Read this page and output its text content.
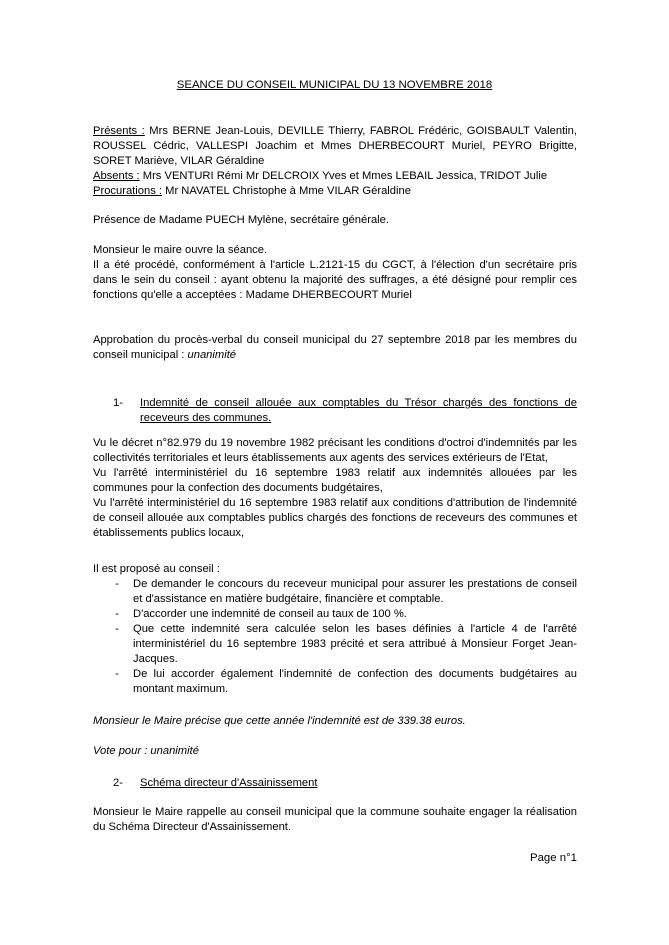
SEANCE DU CONSEIL MUNICIPAL DU 13 NOVEMBRE 2018
Présents : Mrs BERNE Jean-Louis, DEVILLE Thierry, FABROL Frédéric, GOISBAULT Valentin, ROUSSEL Cédric, VALLESPI Joachim et Mmes DHERBECOURT Muriel, PEYRO Brigitte, SORET Mariève, VILAR Géraldine
Absents : Mrs VENTURI Rémi Mr DELCROIX Yves et Mmes LEBAIL Jessica, TRIDOT Julie
Procurations : Mr NAVATEL Christophe à Mme VILAR Géraldine
Présence de Madame PUECH Mylène, secrétaire générale.
Monsieur le maire ouvre la séance.
Il a été procédé, conformément à l'article L.2121-15 du CGCT, à l'élection d'un secrétaire pris dans le sein du conseil : ayant obtenu la majorité des suffrages, a été désigné pour remplir ces fonctions qu'elle a acceptées : Madame DHERBECOURT Muriel
Approbation du procès-verbal du conseil municipal du 27 septembre 2018 par les membres du conseil municipal : unanimité
1-	Indemnité de conseil allouée aux comptables du Trésor chargés des fonctions de receveurs des communes.
Vu le décret n°82.979 du 19 novembre 1982 précisant les conditions d'octroi d'indemnités par les collectivités territoriales et leurs établissements aux agents des services extérieurs de l'Etat,
Vu l'arrêté interministériel du 16 septembre 1983 relatif aux indemnités allouées par les communes pour la confection des documents budgétaires,
Vu l'arrêté interministériel du 16 septembre 1983 relatif aux conditions d'attribution de l'indemnité de conseil allouée aux comptables publics chargés des fonctions de receveurs des communes et établissements publics locaux,
Il est proposé au conseil :
-	De demander le concours du receveur municipal pour assurer les prestations de conseil et d'assistance en matière budgétaire, financière et comptable.
-	D'accorder une indemnité de conseil au taux de 100 %.
-	Que cette indemnité sera calculée selon les bases définies à l'article 4 de l'arrêté interministériel du 16 septembre 1983 précité et sera attribué à Monsieur Forget Jean-Jacques.
-	De lui accorder également l'indemnité de confection des documents budgétaires au montant maximum.
Monsieur le Maire précise que cette année l'indemnité est de 339.38 euros.
Vote pour : unanimité
2-	Schéma directeur d'Assainissement
Monsieur le Maire rappelle au conseil municipal que la commune souhaite engager la réalisation du Schéma Directeur d'Assainissement.
Page n°1
